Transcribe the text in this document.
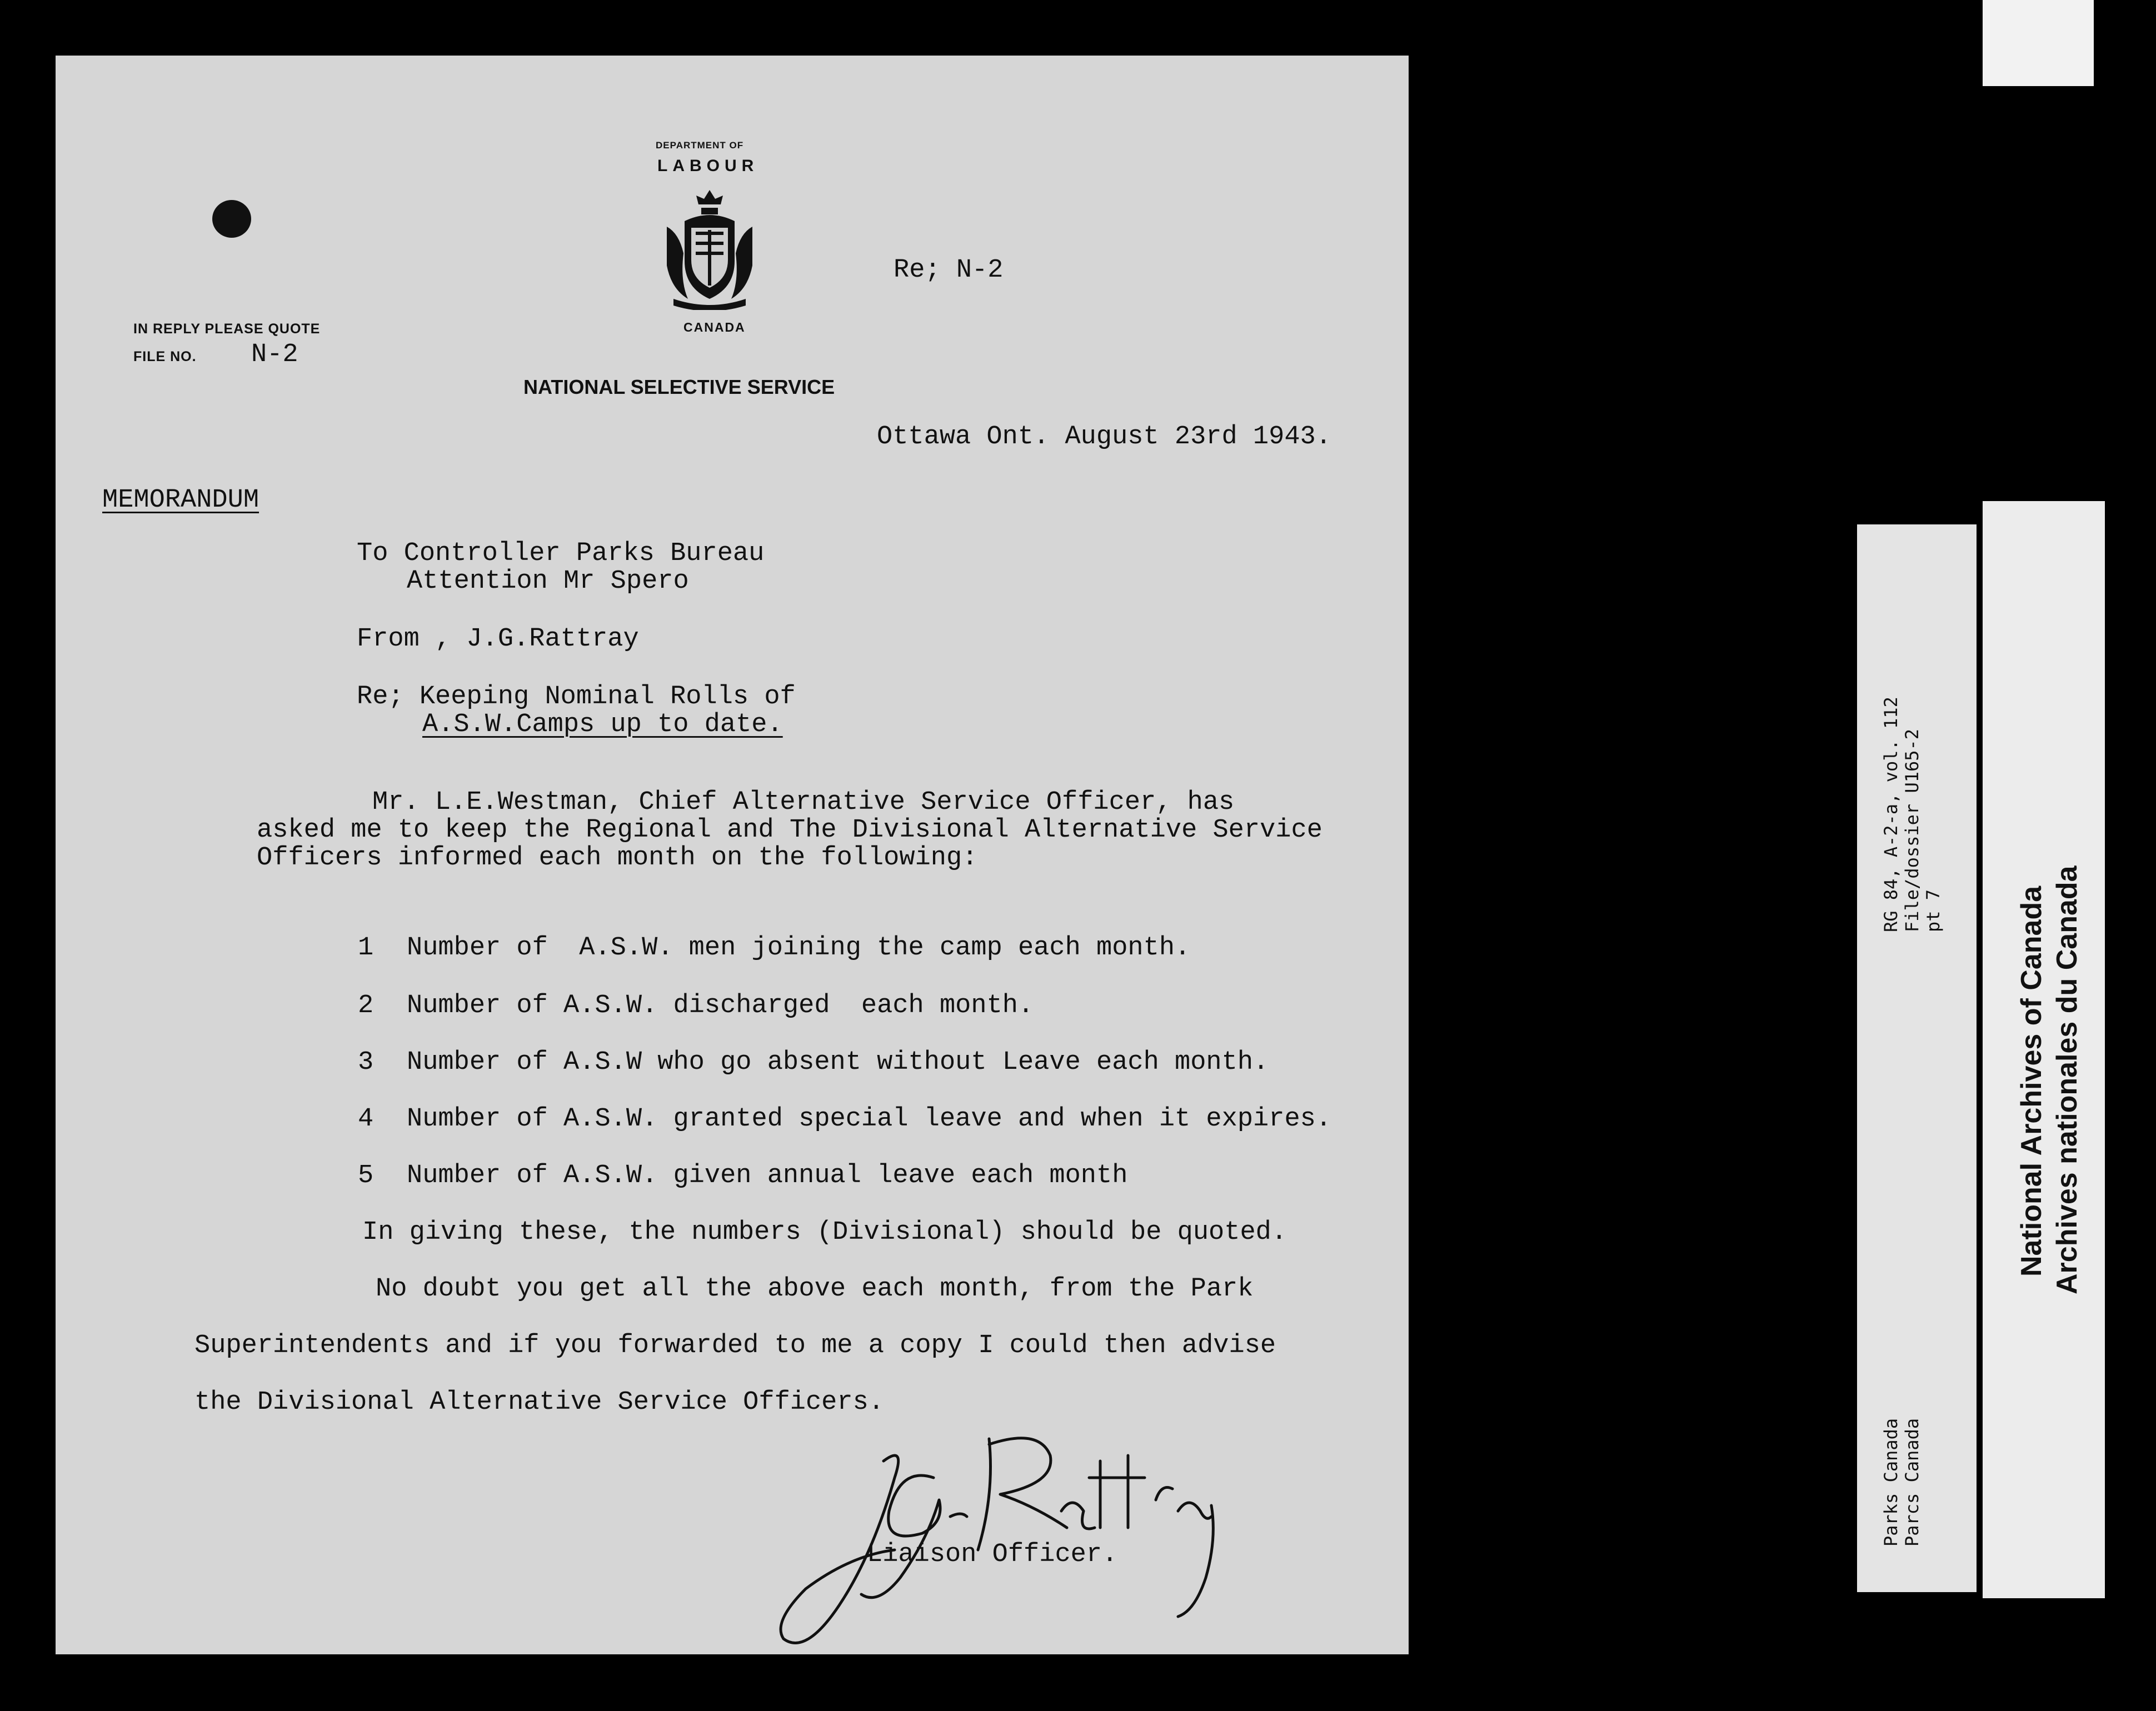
DEPARTMENT OF
LABOUR
CANADA
IN REPLY PLEASE QUOTE
FILE NO. N-2
NATIONAL SELECTIVE SERVICE
Re; N-2
Ottawa Ont. August 23rd 1943.
MEMORANDUM
To Controller Parks Bureau
Attention Mr Spero
From , J.G.Rattray
Re; Keeping Nominal Rolls of
A.S.W.Camps up to date.
Mr. L.E.Westman, Chief Alternative Service Officer, has
asked me to keep the Regional and The Divisional Alternative Service
Officers informed each month on the following:
1 Number of  A.S.W. men joining the camp each month.
2 Number of A.S.W. discharged  each month.
3 Number of A.S.W who go absent without Leave each month.
4 Number of A.S.W. granted special leave and when it expires.
5 Number of A.S.W. given annual leave each month
In giving these, the numbers (Divisional) should be quoted.
No doubt you get all the above each month, from the Park
Superintendents and if you forwarded to me a copy I could then advise
the Divisional Alternative Service Officers.
J.G.Rattray
Liaison Officer.
RG 84, A-2-a, vol. 112 File/dossier U165-2 pt 7
Parks Canada Parcs Canada
National Archives of Canada Archives nationales du Canada
